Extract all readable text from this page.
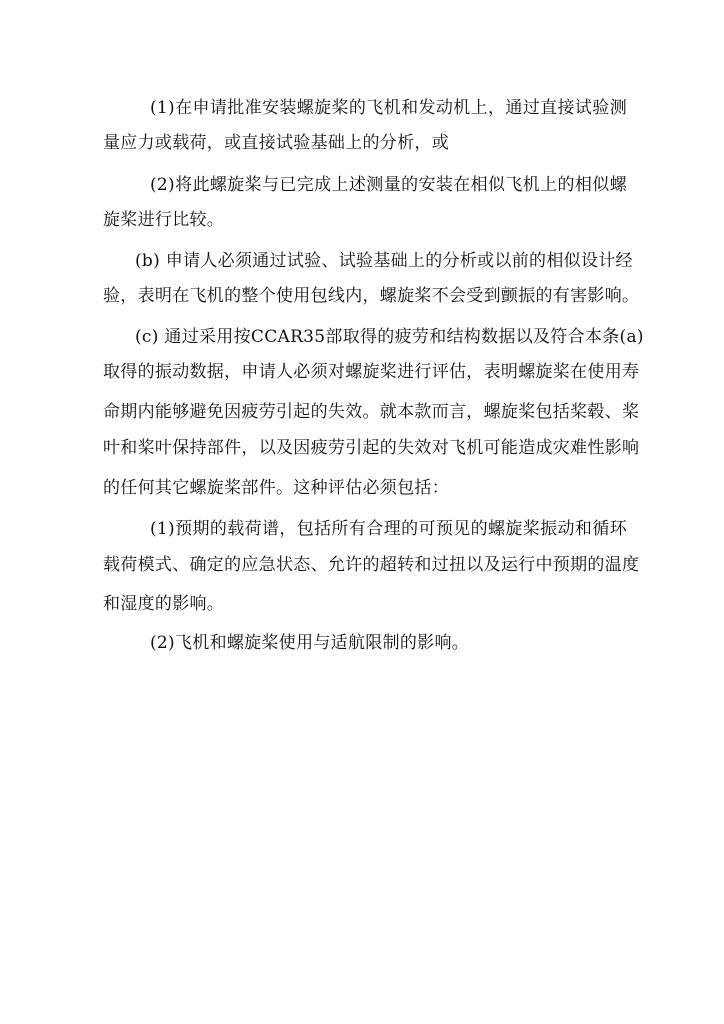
(1)在申请批准安装螺旋桨的飞机和发动机上，通过直接试验测
量应力或载荷，或直接试验基础上的分析，或
(2)将此螺旋桨与已完成上述测量的安装在相似飞机上的相似螺
旋桨进行比较。
(b) 申请人必须通过试验、试验基础上的分析或以前的相似设计经
验，表明在飞机的整个使用包线内，螺旋桨不会受到颤振的有害影响。
(c) 通过采用按CCAR35部取得的疲劳和结构数据以及符合本条(a)
取得的振动数据，申请人必须对螺旋桨进行评估，表明螺旋桨在使用寿
命期内能够避免因疲劳引起的失效。就本款而言，螺旋桨包括桨毂、桨
叶和桨叶保持部件，以及因疲劳引起的失效对飞机可能造成灾难性影响
的任何其它螺旋桨部件。这种评估必须包括：
(1)预期的载荷谱，包括所有合理的可预见的螺旋桨振动和循环
载荷模式、确定的应急状态、允许的超转和过扭以及运行中预期的温度
和湿度的影响。
(2)飞机和螺旋桨使用与适航限制的影响。
